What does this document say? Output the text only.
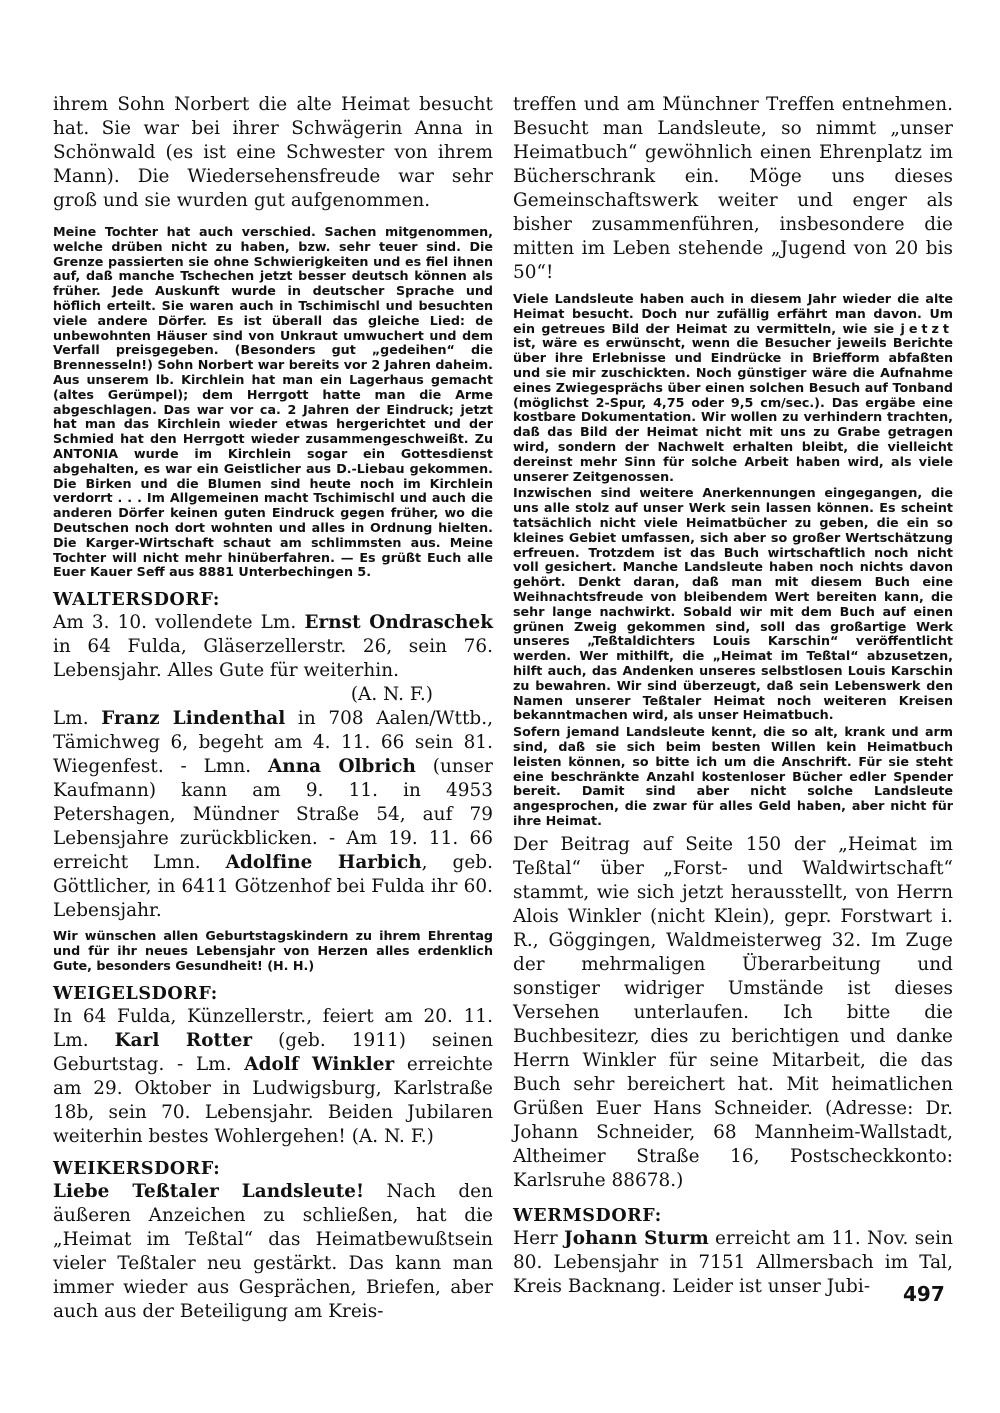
ihrem Sohn Norbert die alte Heimat besucht hat. Sie war bei ihrer Schwägerin Anna in Schönwald (es ist eine Schwester von ihrem Mann). Die Wiedersehensfreude war sehr groß und sie wurden gut aufgenommen.

Meine Tochter hat auch verschied. Sachen mitgenommen, welche drüben nicht zu haben, bzw. sehr teuer sind. Die Grenze passierten sie ohne Schwierigkeiten und es fiel ihnen auf, daß manche Tschechen jetzt besser deutsch können als früher. Jede Auskunft wurde in deutscher Sprache und höflich erteilt. Sie waren auch in Tschimischl und besuchten viele andere Dörfer. Es ist überall das gleiche Lied: de unbewohnten Häuser sind von Unkraut umwuchert und dem Verfall preisgegeben. (Besonders gut „gedeihen“ die Brennesseln!) Sohn Norbert war bereits vor 2 Jahren daheim. Aus unserem lb. Kirchlein hat man ein Lagerhaus gemacht (altes Gerümpel); dem Herrgott hatte man die Arme abgeschlagen. Das war vor ca. 2 Jahren der Eindruck; jetzt hat man das Kirchlein wieder etwas hergerichtet und der Schmied hat den Herrgott wieder zusammengeschweißt. Zu ANTONIA wurde im Kirchlein sogar ein Gottesdienst abgehalten, es war ein Geistlicher aus D.-Liebau gekommen. Die Birken und die Blumen sind heute noch im Kirchlein verdorrt . . . Im Allgemeinen macht Tschimischl und auch die anderen Dörfer keinen guten Eindruck gegen früher, wo die Deutschen noch dort wohnten und alles in Ordnung hielten. Die Karger-Wirtschaft schaut am schlimmsten aus. Meine Tochter will nicht mehr hinüberfahren. — Es grüßt Euch alle Euer Kauer Seff aus 8881 Unterbechingen 5.

WALTERSDORF:

Am 3. 10. vollendete Lm. Ernst Ondraschek in 64 Fulda, Gläserzellerstr. 26, sein 76. Lebensjahr. Alles Gute für weiterhin.

(A. N. F.)

Lm. Franz Lindenthal in 708 Aalen/Wttb., Tämichweg 6, begeht am 4. 11. 66 sein 81. Wiegenfest. - Lmn. Anna Olbrich (unser Kaufmann) kann am 9. 11. in 4953 Petershagen, Mündner Straße 54, auf 79 Lebensjahre zurückblicken. - Am 19. 11. 66 erreicht Lmn. Adolfine Harbich, geb. Göttlicher, in 6411 Götzenhof bei Fulda ihr 60. Lebensjahr.

Wir wünschen allen Geburtstagskindern zu ihrem Ehrentag und für ihr neues Lebensjahr von Herzen alles erdenklich Gute, besonders Gesundheit! (H. H.)

WEIGELSDORF:

In 64 Fulda, Künzellerstr., feiert am 20. 11. Lm. Karl Rotter (geb. 1911) seinen Geburtstag. - Lm. Adolf Winkler erreichte am 29. Oktober in Ludwigsburg, Karlstraße 18b, sein 70. Lebensjahr. Beiden Jubilaren weiterhin bestes Wohlergehen! (A. N. F.)

WEIKERSDORF:

Liebe Teßtaler Landsleute! Nach den äußeren Anzeichen zu schließen, hat die „Heimat im Teßtal“ das Heimatbewußtsein vieler Teßtaler neu gestärkt. Das kann man immer wieder aus Gesprächen, Briefen, aber auch aus der Beteiligung am Kreis-

treffen und am Münchner Treffen entnehmen. Besucht man Landsleute, so nimmt „unser Heimatbuch“ gewöhnlich einen Ehrenplatz im Bücherschrank ein. Möge uns dieses Gemeinschaftswerk weiter und enger als bisher zusammenführen, insbesondere die mitten im Leben stehende „Jugend von 20 bis 50“!

Viele Landsleute haben auch in diesem Jahr wieder die alte Heimat besucht. Doch nur zufällig erfährt man davon. Um ein getreues Bild der Heimat zu vermitteln, wie sie jetzt ist, wäre es erwünscht, wenn die Besucher jeweils Berichte über ihre Erlebnisse und Eindrücke in Briefform abfaßten und sie mir zuschickten. Noch günstiger wäre die Aufnahme eines Zwiegesprächs über einen solchen Besuch auf Tonband (möglichst 2-Spur, 4,75 oder 9,5 cm/sec.). Das ergäbe eine kostbare Dokumentation. Wir wollen zu verhindern trachten, daß das Bild der Heimat nicht mit uns zu Grabe getragen wird, sondern der Nachwelt erhalten bleibt, die vielleicht dereinst mehr Sinn für solche Arbeit haben wird, als viele unserer Zeitgenossen.

Inzwischen sind weitere Anerkennungen eingegangen, die uns alle stolz auf unser Werk sein lassen können. Es scheint tatsächlich nicht viele Heimatbücher zu geben, die ein so kleines Gebiet umfassen, sich aber so großer Wertschätzung erfreuen. Trotzdem ist das Buch wirtschaftlich noch nicht voll gesichert. Manche Landsleute haben noch nichts davon gehört. Denkt daran, daß man mit diesem Buch eine Weihnachtsfreude von bleibendem Wert bereiten kann, die sehr lange nachwirkt. Sobald wir mit dem Buch auf einen grünen Zweig gekommen sind, soll das großartige Werk unseres „Teßtaldichters Louis Karschin“ veröffentlicht werden. Wer mithilft, die „Heimat im Teßtal“ abzusetzen, hilft auch, das Andenken unseres selbstlosen Louis Karschin zu bewahren. Wir sind überzeugt, daß sein Lebenswerk den Namen unserer Teßtaler Heimat noch weiteren Kreisen bekanntmachen wird, als unser Heimatbuch.

Sofern jemand Landsleute kennt, die so alt, krank und arm sind, daß sie sich beim besten Willen kein Heimatbuch leisten können, so bitte ich um die Anschrift. Für sie steht eine beschränkte Anzahl kostenloser Bücher edler Spender bereit. Damit sind aber nicht solche Landsleute angesprochen, die zwar für alles Geld haben, aber nicht für ihre Heimat.

Der Beitrag auf Seite 150 der „Heimat im Teßtal“ über „Forst- und Waldwirtschaft“ stammt, wie sich jetzt herausstellt, von Herrn Alois Winkler (nicht Klein), gepr. Forstwart i. R., Göggingen, Waldmeisterweg 32. Im Zuge der mehrmaligen Überarbeitung und sonstiger widriger Umstände ist dieses Versehen unterlaufen. Ich bitte die Buchbesitezr, dies zu berichtigen und danke Herrn Winkler für seine Mitarbeit, die das Buch sehr bereichert hat. Mit heimatlichen Grüßen Euer Hans Schneider. (Adresse: Dr. Johann Schneider, 68 Mannheim-Wallstadt, Altheimer Straße 16, Postscheckkonto: Karlsruhe 88678.)

WERMSDORF:

Herr Johann Sturm erreicht am 11. Nov. sein 80. Lebensjahr in 7151 Allmersbach im Tal, Kreis Backnang. Leider ist unser Jubi-	497
